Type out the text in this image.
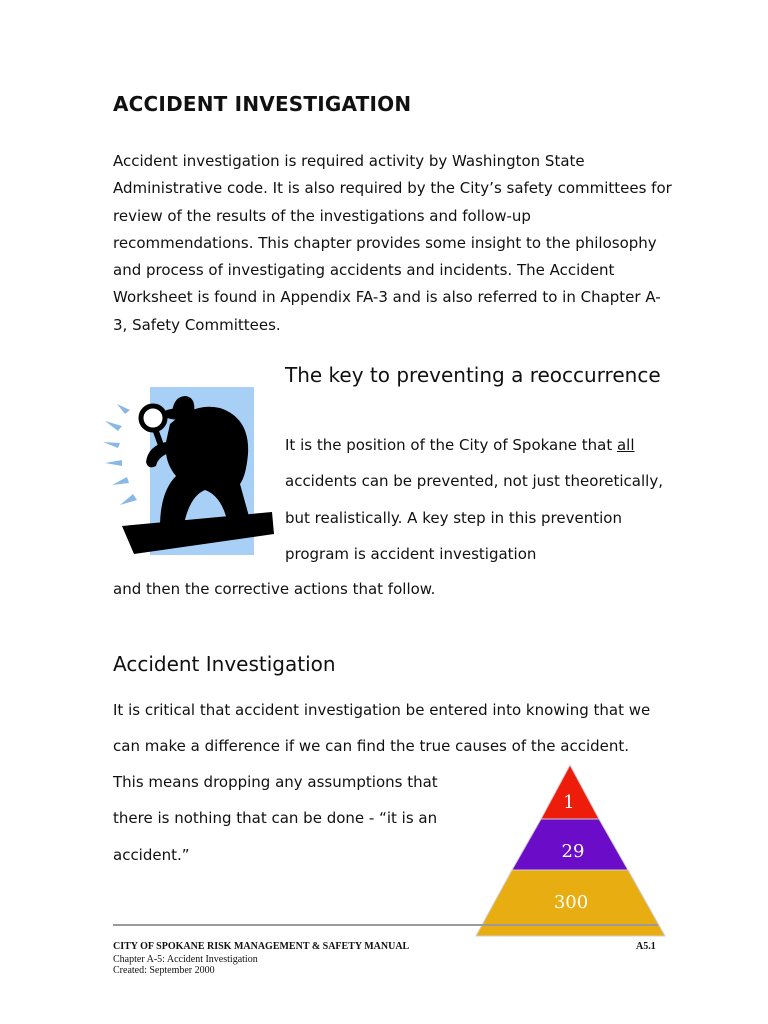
ACCIDENT INVESTIGATION
Accident investigation is required activity by Washington State Administrative code. It is also required by the City’s safety committees for review of the results of the investigations and follow-up recommendations. This chapter provides some insight to the philosophy and process of investigating accidents and incidents. The Accident Worksheet is found in Appendix FA-3 and is also referred to in Chapter A-3, Safety Committees.
The key to preventing a reoccurrence
It is the position of the City of Spokane that all accidents can be prevented, not just theoretically, but realistically. A key step in this prevention program is accident investigation
and then the corrective actions that follow.
Accident Investigation
It is critical that accident investigation be entered into knowing that we can make a difference if we can find the true causes of the accident.
This means dropping any assumptions that there is nothing that can be done - “it is an accident.”
1
29
300
CITY OF SPOKANE RISK MANAGEMENT & SAFETY MANUAL	A5.1
Chapter A-5: Accident Investigation
Created: September 2000
